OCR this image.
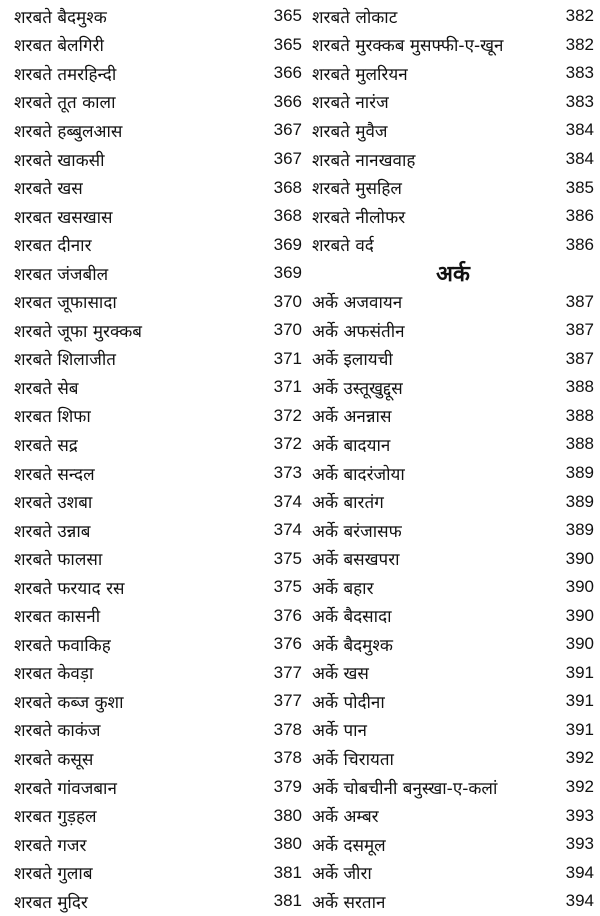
शरबते बैदमुश्क	365
शरबत बेलगिरी	365
शरबते तमरहिन्दी	366
शरबते तूत काला	366
शरबते हब्बुलआस	367
शरबते खाकसी	367
शरबते खस	368
शरबत खसखास	368
शरबत दीनार	369
शरबत जंजबील	369
शरबत जूफासादा	370
शरबते जूफा मुरक्कब	370
शरबते शिलाजीत	371
शरबते सेब	371
शरबत शिफा	372
शरबते सद्र	372
शरबते सन्दल	373
शरबते उशबा	374
शरबते उन्नाब	374
शरबते फालसा	375
शरबते फरयाद रस	375
शरबत कासनी	376
शरबते फवाकिह	376
शरबत केवड़ा	377
शरबते कब्ज कुशा	377
शरबते काकंज	378
शरबते कसूस	378
शरबते गांवजबान	379
शरबत गुड़हल	380
शरबते गजर	380
शरबते गुलाब	381
शरबत मुदिर	381
शरबते लोकाट	382
शरबते मुरक्कब मुसफ्फी-ए-खून	382
शरबते मुलरियन	383
शरबते नारंज	383
शरबते मुवैज	384
शरबते नानखवाह	384
शरबते मुसहिल	385
शरबते नीलोफर	386
शरबते वर्द	386
अर्क
अर्के अजवायन	387
अर्के अफसंतीन	387
अर्के इलायची	387
अर्के उस्तूखुद्दूस	388
अर्के अनन्नास	388
अर्के बादयान	388
अर्के बादरंजोया	389
अर्के बारतंग	389
अर्के बरंजासफ	389
अर्के बसखपरा	390
अर्के बहार	390
अर्के बैदसादा	390
अर्के बैदमुश्क	390
अर्के खस	391
अर्के पोदीना	391
अर्के पान	391
अर्के चिरायता	392
अर्के चोबचीनी बनुस्खा-ए-कलां	392
अर्के अम्बर	393
अर्के दसमूल	393
अर्के जीरा	394
अर्के सरतान	394
